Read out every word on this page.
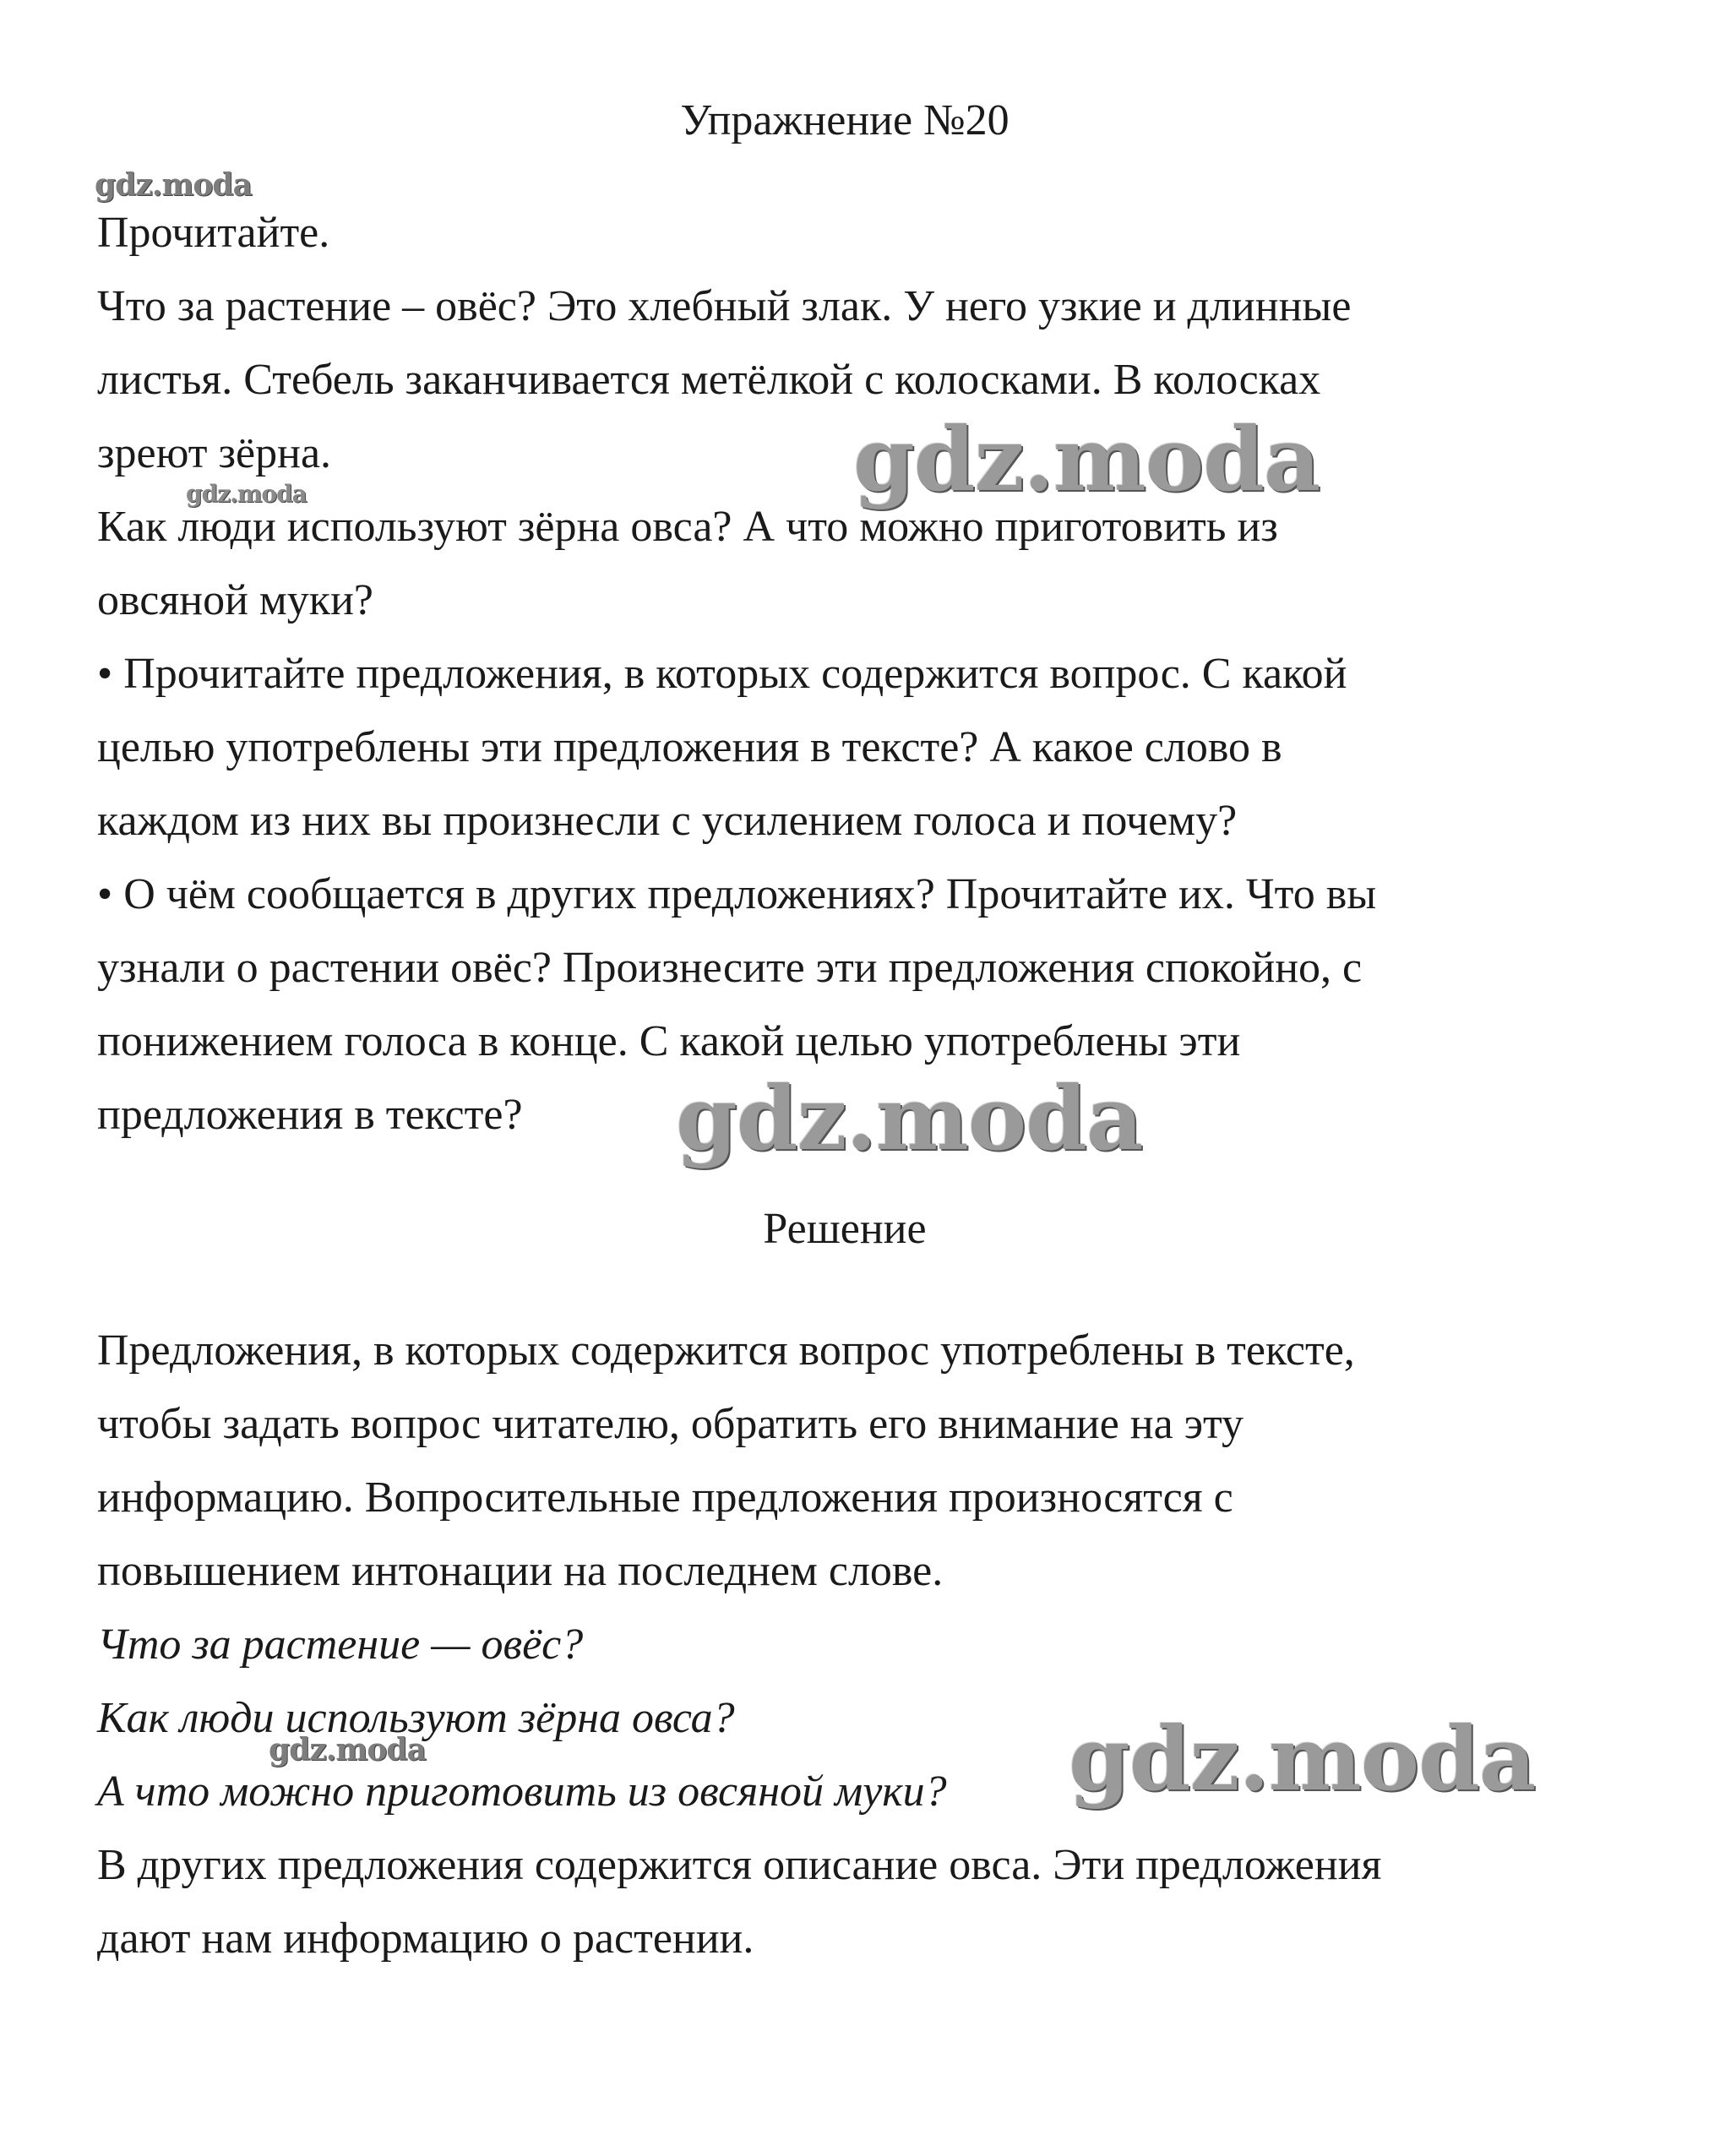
Упражнение №20
Прочитайте.
Что за растение – овёс? Это хлебный злак. У него узкие и длинные
листья. Стебель заканчивается метёлкой с колосками. В колосках
зреют зёрна.
Как люди используют зёрна овса? А что можно приготовить из
овсяной муки?
• Прочитайте предложения, в которых содержится вопрос. С какой
целью употреблены эти предложения в тексте? А какое слово в
каждом из них вы произнесли с усилением голоса и почему?
• О чём сообщается в других предложениях? Прочитайте их. Что вы
узнали о растении овёс? Произнесите эти предложения спокойно, с
понижением голоса в конце. С какой целью употреблены эти
предложения в тексте?
Решение
Предложения, в которых содержится вопрос употреблены в тексте,
чтобы задать вопрос читателю, обратить его внимание на эту
информацию. Вопросительные предложения произносятся с
повышением интонации на последнем слове.
Что за растение — овёс?
Как люди используют зёрна овса?
А что можно приготовить из овсяной муки?
В других предложения содержится описание овса. Эти предложения
дают нам информацию о растении.
gdz.moda
gdz.moda
gdz.moda
gdz.moda
gdz.moda	gdz.moda
